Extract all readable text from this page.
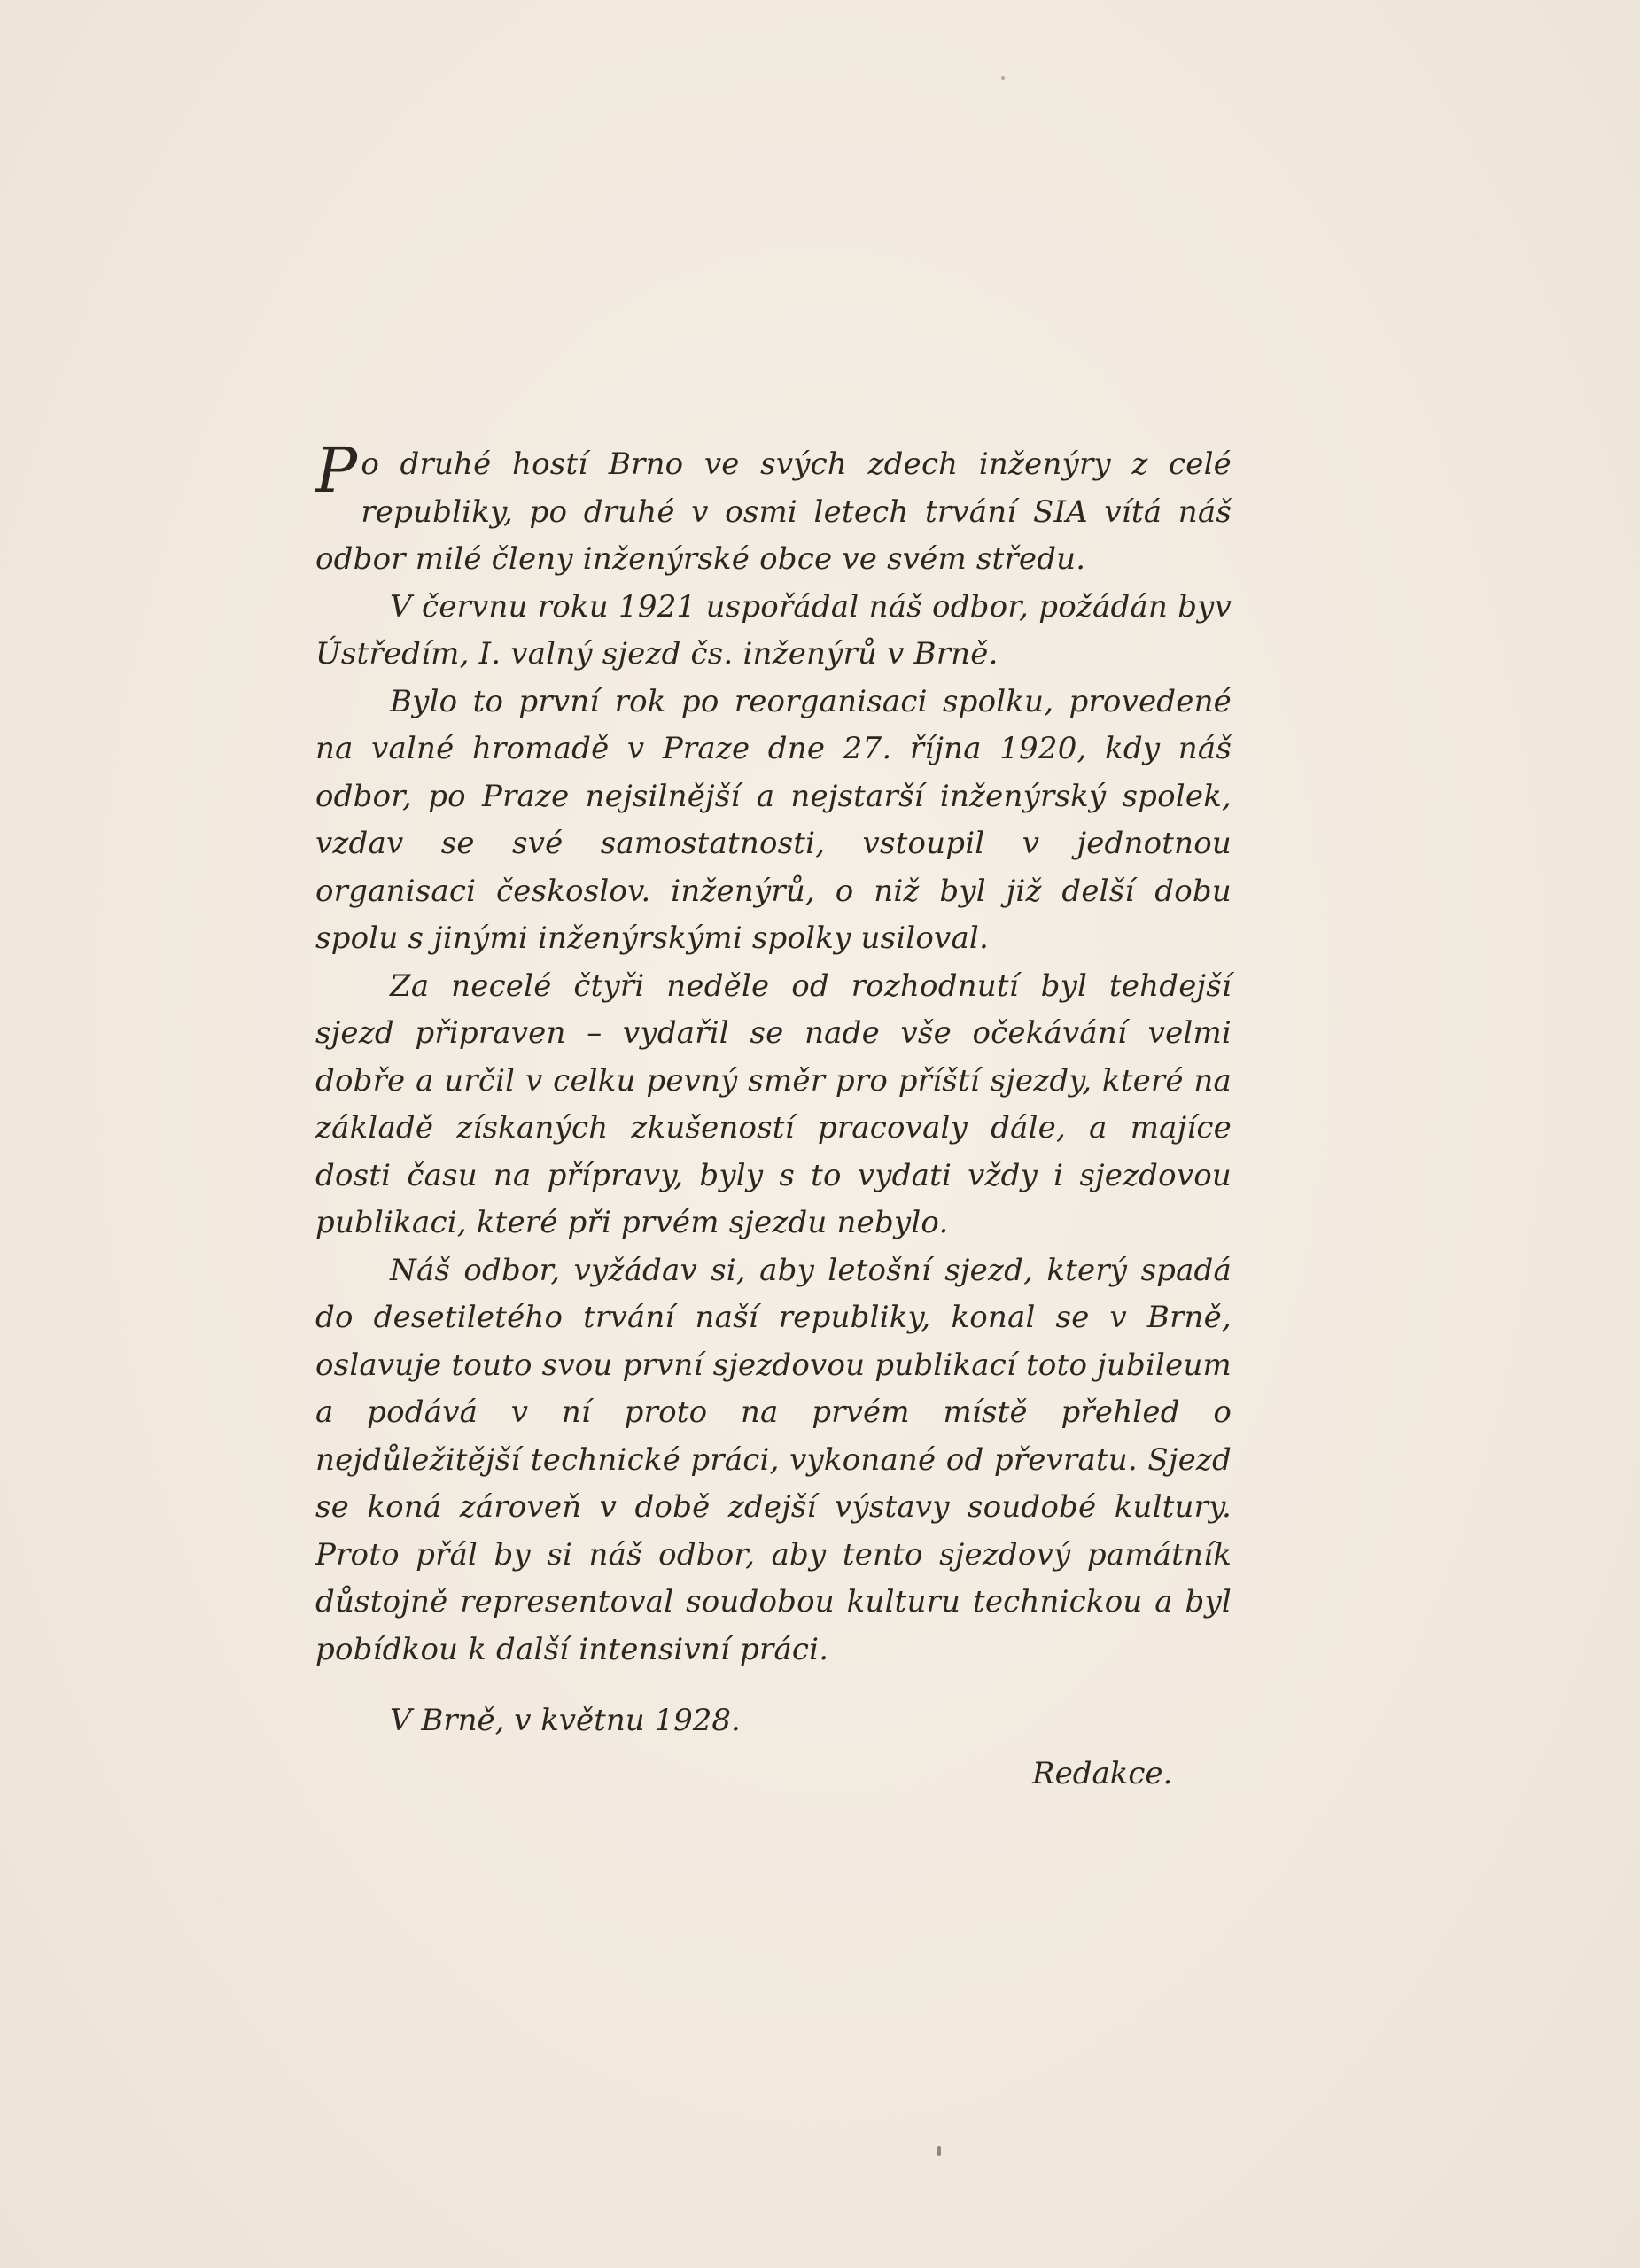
Po druhé hostí Brno ve svých zdech inženýry z celé republiky, po druhé v osmi letech trvání SIA vítá náš odbor milé členy inženýrské obce ve svém středu.

V červnu roku 1921 uspořádal náš odbor, požádán byv Ústředím, I. valný sjezd čs. inženýrů v Brně.

Bylo to první rok po reorganisaci spolku, provedené na valné hromadě v Praze dne 27. října 1920, kdy náš odbor, po Praze nejsilnější a nejstarší inženýrský spolek, vzdav se své samostatnosti, vstoupil v jednotnou organisaci českoslov. inženýrů, o niž byl již delší dobu spolu s jinými inženýrskými spolky usiloval.

Za necelé čtyři neděle od rozhodnutí byl tehdejší sjezd připraven – vydařil se nade vše očekávání velmi dobře a určil v celku pevný směr pro příští sjezdy, které na základě získaných zkušeností pracovaly dále, a majíce dosti času na přípravy, byly s to vydati vždy i sjezdovou publikaci, které při prvém sjezdu nebylo.

Náš odbor, vyžádav si, aby letošní sjezd, který spadá do desetiletého trvání naší republiky, konal se v Brně, oslavuje touto svou první sjezdovou publikací toto jubileum a podává v ní proto na prvém místě přehled o nejdůležitější technické práci, vykonané od převratu. Sjezd se koná zároveň v době zdejší výstavy soudobé kultury. Proto přál by si náš odbor, aby tento sjezdový památník důstojně representoval soudobou kulturu technickou a byl pobídkou k další intensivní práci.

V Brně, v květnu 1928.
Redakce.
